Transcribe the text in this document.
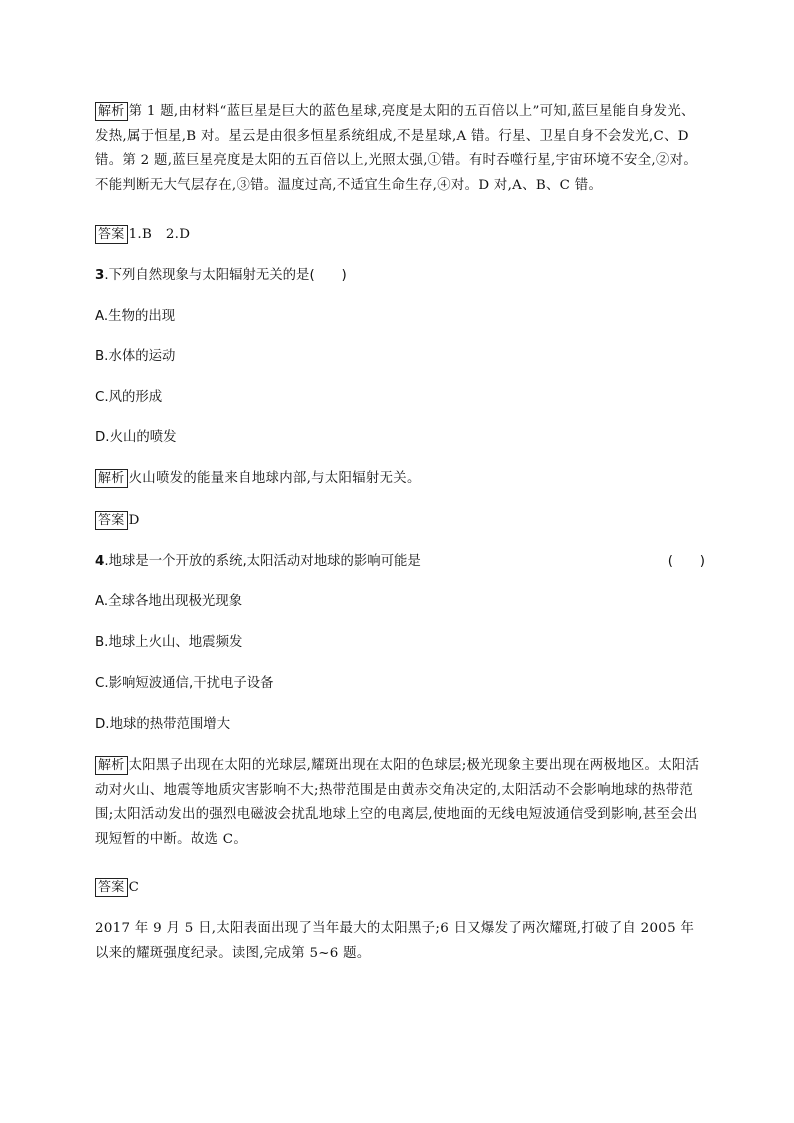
解析 第 1 题,由材料“蓝巨星是巨大的蓝色星球,亮度是太阳的五百倍以上”可知,蓝巨星能自身发光、发热,属于恒星,B 对。星云是由很多恒星系统组成,不是星球,A 错。行星、卫星自身不会发光,C、D 错。第 2 题,蓝巨星亮度是太阳的五百倍以上,光照太强,①错。有时吞噬行星,宇宙环境不安全,②对。不能判断无大气层存在,③错。温度过高,不适宜生命生存,④对。D 对,A、B、C 错。
答案 1.B　2.D
3.下列自然现象与太阳辐射无关的是(　　)
A.生物的出现
B.水体的运动
C.风的形成
D.火山的喷发
解析 火山喷发的能量来自地球内部,与太阳辐射无关。
答案 D
4.地球是一个开放的系统,太阳活动对地球的影响可能是	(　　)
A.全球各地出现极光现象
B.地球上火山、地震频发
C.影响短波通信,干扰电子设备
D.地球的热带范围增大
解析 太阳黑子出现在太阳的光球层,耀斑出现在太阳的色球层;极光现象主要出现在两极地区。太阳活动对火山、地震等地质灾害影响不大;热带范围是由黄赤交角决定的,太阳活动不会影响地球的热带范围;太阳活动发出的强烈电磁波会扰乱地球上空的电离层,使地面的无线电短波通信受到影响,甚至会出现短暂的中断。故选 C。
答案 C
2017 年 9 月 5 日,太阳表面出现了当年最大的太阳黑子;6 日又爆发了两次耀斑,打破了自 2005 年以来的耀斑强度纪录。读图,完成第 5~6 题。
